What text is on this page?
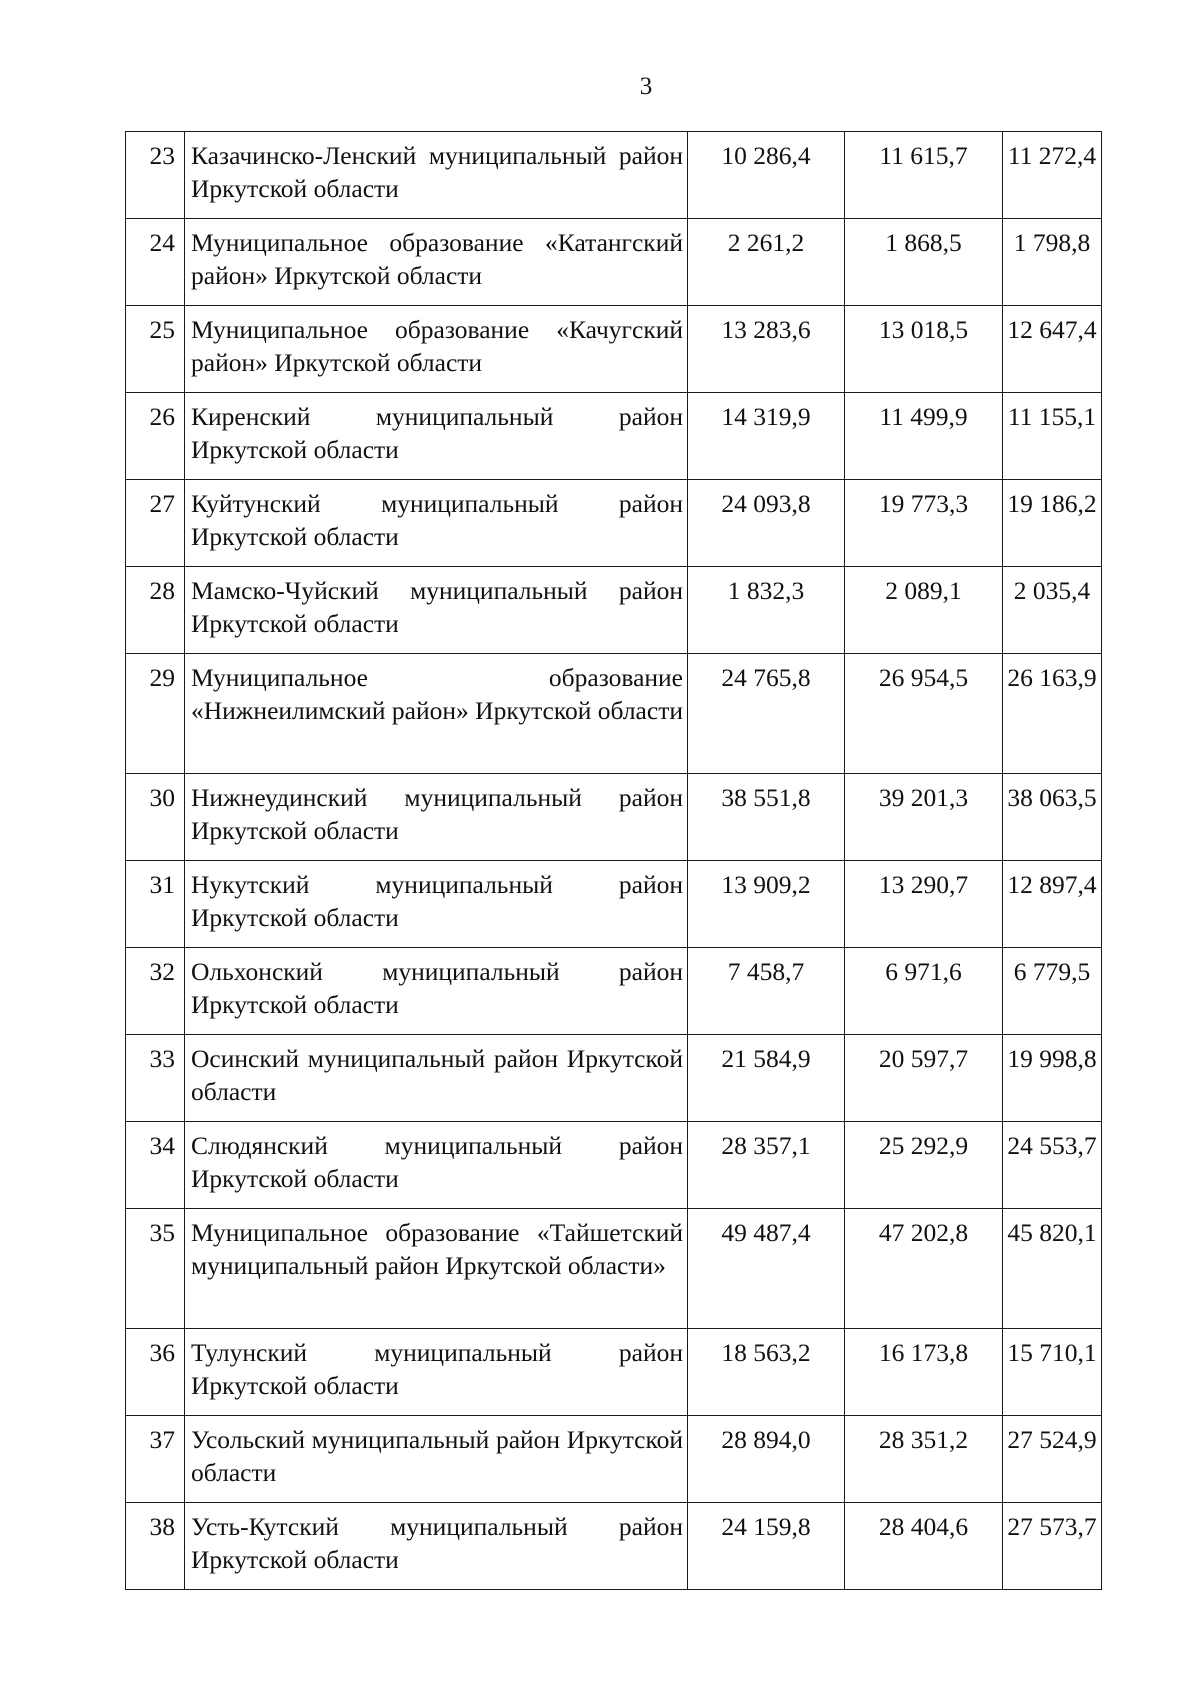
3
23	Казачинско-Ленский муниципальный район Иркутской области	10 286,4	11 615,7	11 272,4
24	Муниципальное образование «Катангский район» Иркутской области	2 261,2	1 868,5	1 798,8
25	Муниципальное образование «Качугский район» Иркутской области	13 283,6	13 018,5	12 647,4
26	Киренский муниципальный район Иркутской области	14 319,9	11 499,9	11 155,1
27	Куйтунский муниципальный район Иркутской области	24 093,8	19 773,3	19 186,2
28	Мамско-Чуйский муниципальный район Иркутской области	1 832,3	2 089,1	2 035,4
29	Муниципальное образование «Нижнеилимский район» Иркутской области	24 765,8	26 954,5	26 163,9
30	Нижнеудинский муниципальный район Иркутской области	38 551,8	39 201,3	38 063,5
31	Нукутский муниципальный район Иркутской области	13 909,2	13 290,7	12 897,4
32	Ольхонский муниципальный район Иркутской области	7 458,7	6 971,6	6 779,5
33	Осинский муниципальный район Иркутской области	21 584,9	20 597,7	19 998,8
34	Слюдянский муниципальный район Иркутской области	28 357,1	25 292,9	24 553,7
35	Муниципальное образование «Тайшетский муниципальный район Иркутской области»	49 487,4	47 202,8	45 820,1
36	Тулунский муниципальный район Иркутской области	18 563,2	16 173,8	15 710,1
37	Усольский муниципальный район Иркутской области	28 894,0	28 351,2	27 524,9
38	Усть-Кутский муниципальный район Иркутской области	24 159,8	28 404,6	27 573,7
